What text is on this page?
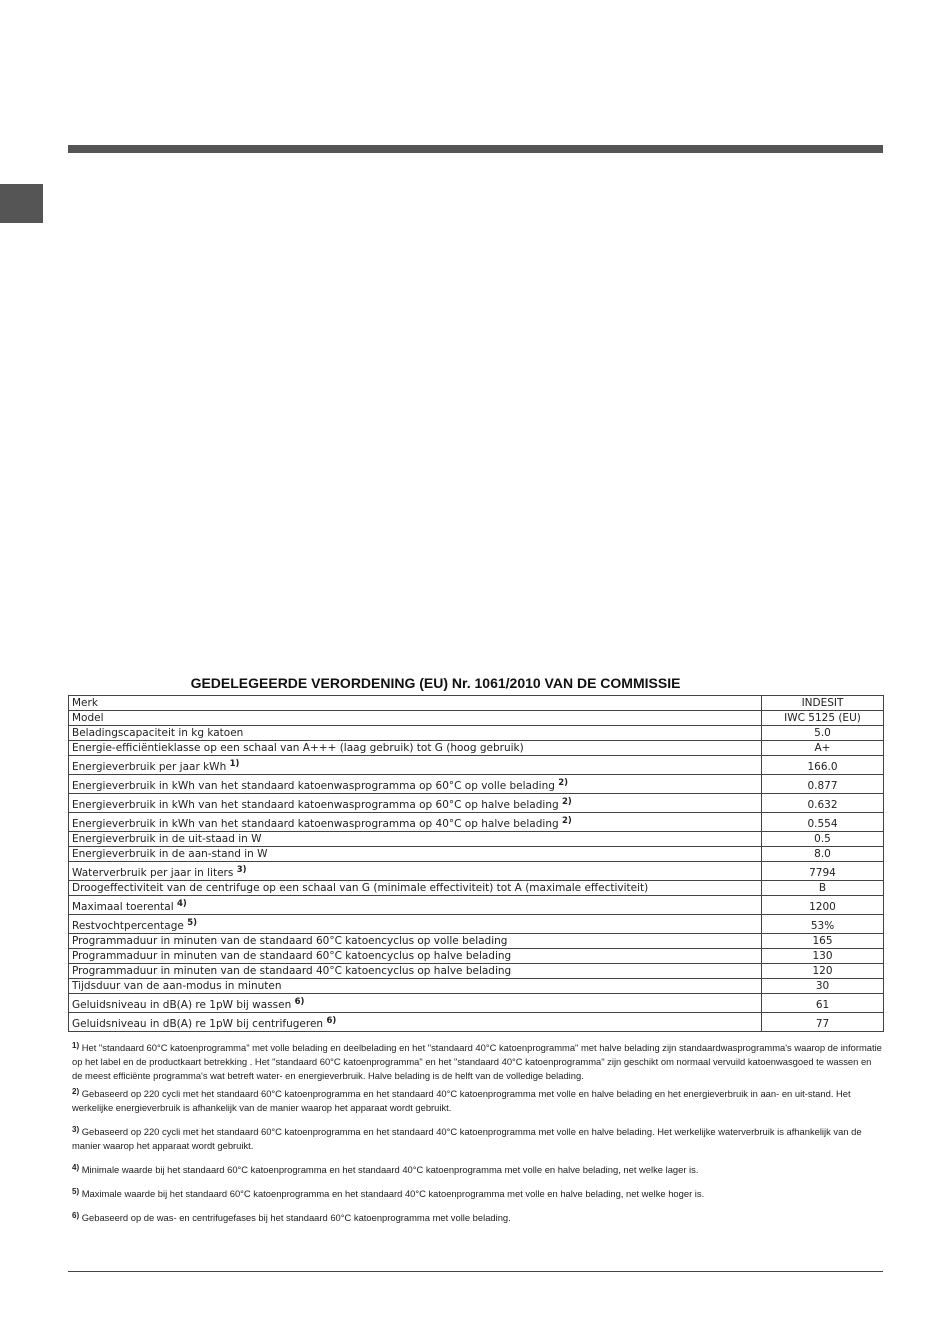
GEDELEGEERDE VERORDENING (EU) Nr. 1061/2010 VAN DE COMMISSIE
Merk	INDESIT
Model	IWC 5125 (EU)
Beladingscapaciteit in kg katoen	5.0
Energie-efficiëntieklasse op een schaal van A+++ (laag gebruik) tot G (hoog gebruik)	A+
Energieverbruik per jaar kWh $^{1)}$	166.0
Energieverbruik in kWh van het standaard katoenwasprogramma op 60°C op volle belading $^{2)}$	0.877
Energieverbruik in kWh van het standaard katoenwasprogramma op 60°C op halve belading $^{2)}$	0.632
Energieverbruik in kWh van het standaard katoenwasprogramma op 40°C op halve belading $^{2)}$	0.554
Energieverbruik in de uit-staad in W	0.5
Energieverbruik in de aan-stand in W	8.0
Waterverbruik per jaar in liters $^{3)}$	7794
Droogeffectiviteit van de centrifuge op een schaal van G (minimale effectiviteit) tot A (maximale effectiviteit)	B
Maximaal toerental $^{4)}$	1200
Restvochtpercentage $^{5)}$	53%
Programmaduur in minuten van de standaard 60°C katoencyclus op volle belading	165
Programmaduur in minuten van de standaard 60°C katoencyclus op halve belading	130
Programmaduur in minuten van de standaard 40°C katoencyclus op halve belading	120
Tijdsduur van de aan-modus in minuten	30
Geluidsniveau in dB(A) re 1pW bij wassen $^{6)}$	61
Geluidsniveau in dB(A) re 1pW bij centrifugeren $^{6)}$	77

$^{1)}$ Het "standaard 60°C katoenprogramma" met volle belading en deelbelading en het "standaard 40°C katoenprogramma" met halve belading zijn standaardwasprogramma's waarop de informatie op het label en de productkaart betrekking . Het "standaard 60°C katoenprogramma" en het "standaard 40°C katoenprogramma" zijn geschikt om normaal vervuild katoenwasgoed te wassen en de meest efficiënte programma's wat betreft water- en energieverbruik. Halve belading is de helft van de volledige belading.

$^{2)}$ Gebaseerd op 220 cycli met het standaard 60°C katoenprogramma en het standaard 40°C katoenprogramma met volle en halve belading en het energieverbruik in aan- en uit-stand. Het werkelijke energieverbruik is afhankelijk van de manier waarop het apparaat wordt gebruikt.

$^{3)}$ Gebaseerd op 220 cycli met het standaard 60°C katoenprogramma en het standaard 40°C katoenprogramma met volle en halve belading. Het werkelijke waterverbruik is afhankelijk van de manier waarop het apparaat wordt gebruikt.

$^{4)}$ Minimale waarde bij het standaard 60°C katoenprogramma en het standaard 40°C katoenprogramma met volle en halve belading, net welke lager is.

$^{5)}$ Maximale waarde bij het standaard 60°C katoenprogramma en het standaard 40°C katoenprogramma met volle en halve belading, net welke hoger is.

$^{6)}$ Gebaseerd op de was- en centrifugefases bij het standaard 60°C katoenprogramma met volle belading.
